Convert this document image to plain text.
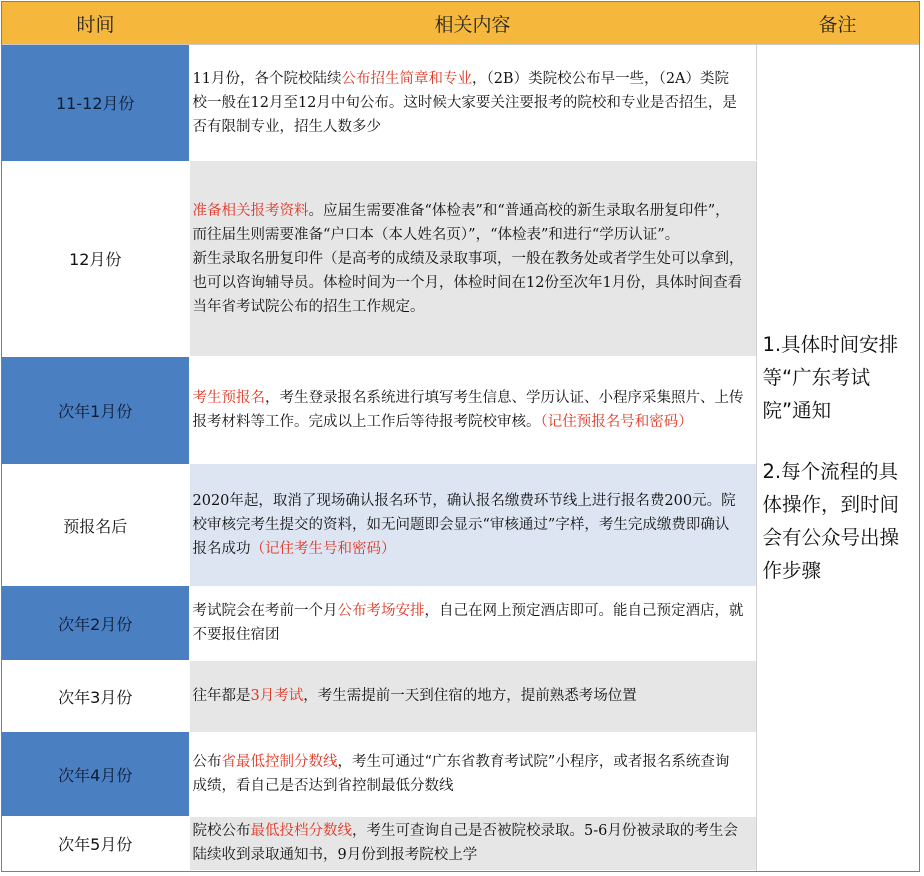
时间	相关内容	备注
11-12月份	11月份，各个院校陆续公布招生简章和专业，（2B）类院校公布早一些，（2A）类院校一般在12月至12月中旬公布。这时候大家要关注要报考的院校和专业是否招生，是否有限制专业，招生人数多少	1.具体时间安排等“广东考试院”通知
2.每个流程的具体操作，到时间会有公众号出操作步骤

12月份	准备相关报考资料。应届生需要准备“体检表”和“普通高校的新生录取名册复印件”，而往届生则需要准备“户口本（本人姓名页）”，“体检表”和进行“学历认证”。
新生录取名册复印件（是高考的成绩及录取事项，一般在教务处或者学生处可以拿到，也可以咨询辅导员。体检时间为一个月，体检时间在12份至次年1月份，具体时间查看当年省考试院公布的招生工作规定。	

次年1月份	考生预报名，考生登录报名系统进行填写考生信息、学历认证、小程序采集照片、上传报考材料等工作。完成以上工作后等待报考院校审核。（记住预报名号和密码）	
预报名后	2020年起，取消了现场确认报名环节，确认报名缴费环节线上进行报名费200元。院校审核完考生提交的资料，如无问题即会显示“审核通过”字样，考生完成缴费即确认报名成功（记住考生号和密码）	
次年2月份	考试院会在考前一个月公布考场安排，自己在网上预定酒店即可。能自己预定酒店，就不要报住宿团	
次年3月份	往年都是3月考试，考生需提前一天到住宿的地方，提前熟悉考场位置	
次年4月份	公布省最低控制分数线，考生可通过“广东省教育考试院”小程序，或者报名系统查询成绩，看自己是否达到省控制最低分数线	
次年5月份	院校公布最低投档分数线，考生可查询自己是否被院校录取。5-6月份被录取的考生会陆续收到录取通知书，9月份到报考院校上学	
